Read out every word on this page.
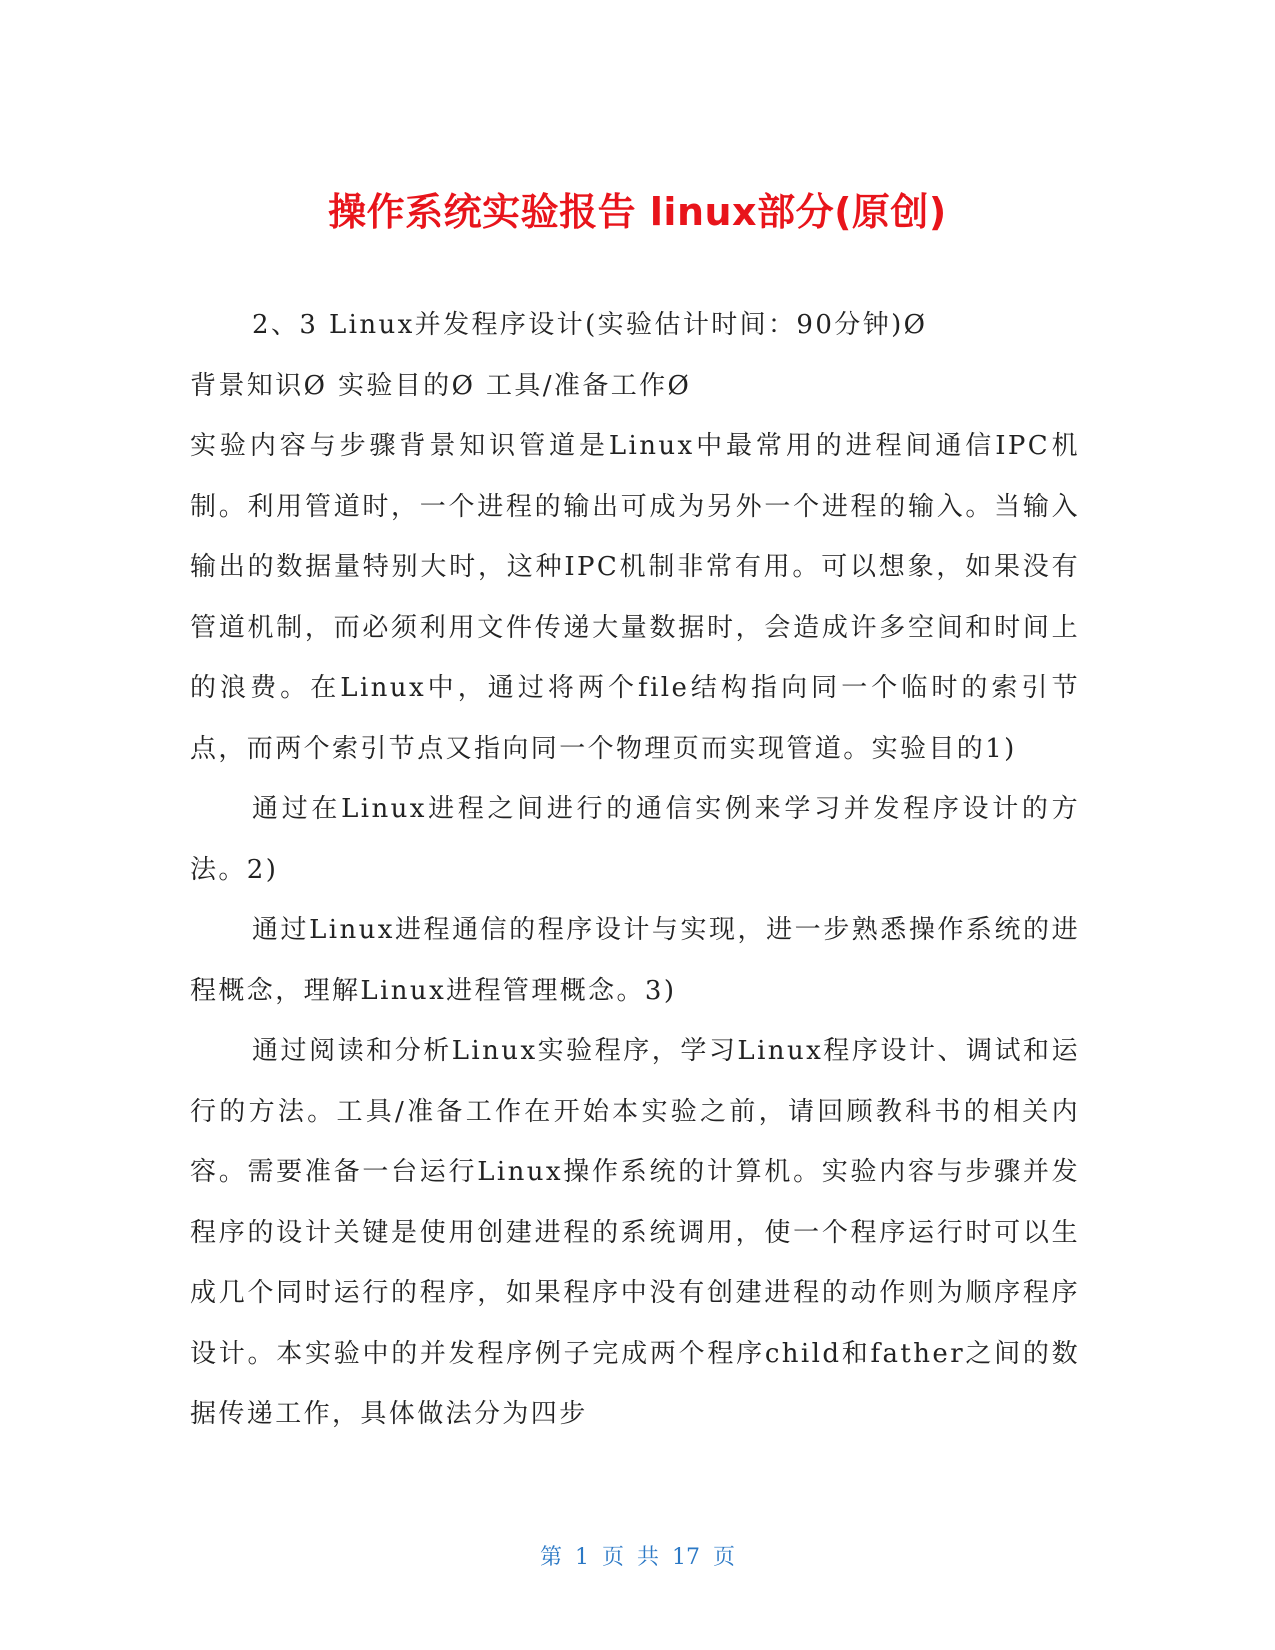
操作系统实验报告 linux部分(原创)

2、3 Linux并发程序设计(实验估计时间：90分钟)Ø

背景知识Ø 实验目的Ø 工具/准备工作Ø

实验内容与步骤背景知识管道是Linux中最常用的进程间通信IPC机制。利用管道时，一个进程的输出可成为另外一个进程的输入。当输入输出的数据量特别大时，这种IPC机制非常有用。可以想象，如果没有管道机制，而必须利用文件传递大量数据时，会造成许多空间和时间上的浪费。在Linux中，通过将两个file结构指向同一个临时的索引节点，而两个索引节点又指向同一个物理页而实现管道。实验目的1)

通过在Linux进程之间进行的通信实例来学习并发程序设计的方法。2)

通过Linux进程通信的程序设计与实现，进一步熟悉操作系统的进程概念，理解Linux进程管理概念。3)

通过阅读和分析Linux实验程序，学习Linux程序设计、调试和运行的方法。工具/准备工作在开始本实验之前，请回顾教科书的相关内容。需要准备一台运行Linux操作系统的计算机。实验内容与步骤并发程序的设计关键是使用创建进程的系统调用，使一个程序运行时可以生成几个同时运行的程序，如果程序中没有创建进程的动作则为顺序程序设计。本实验中的并发程序例子完成两个程序child和father之间的数据传递工作，具体做法分为四步

第 1 页 共 17 页
